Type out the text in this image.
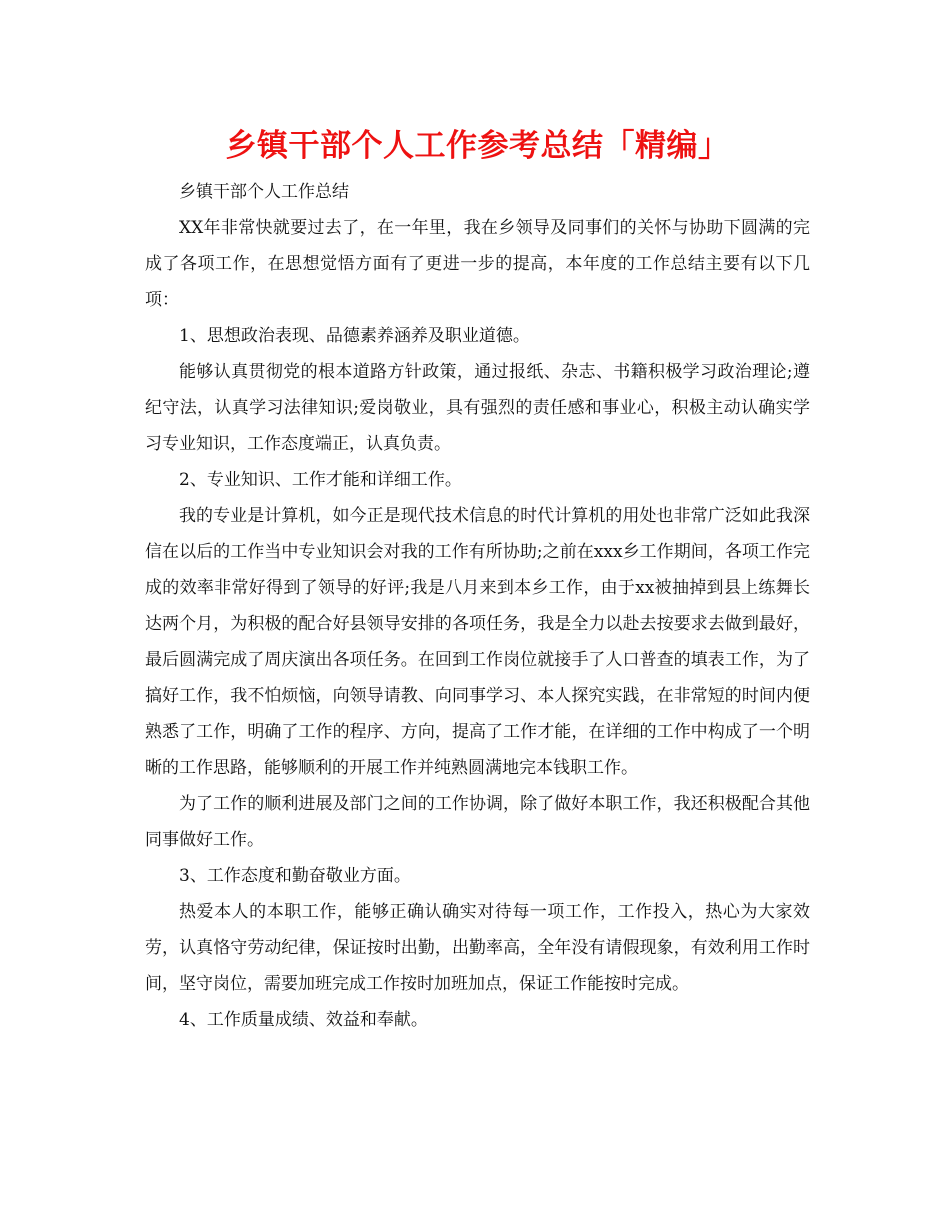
乡镇干部个人工作参考总结「精编」

乡镇干部个人工作总结

XX年非常快就要过去了，在一年里，我在乡领导及同事们的关怀与协助下圆满的完成了各项工作，在思想觉悟方面有了更进一步的提高，本年度的工作总结主要有以下几项：

1、思想政治表现、品德素养涵养及职业道德。

能够认真贯彻党的根本道路方针政策，通过报纸、杂志、书籍积极学习政治理论;遵纪守法，认真学习法律知识;爱岗敬业，具有强烈的责任感和事业心，积极主动认确实学习专业知识，工作态度端正，认真负责。

2、专业知识、工作才能和详细工作。

我的专业是计算机，如今正是现代技术信息的时代计算机的用处也非常广泛如此我深信在以后的工作当中专业知识会对我的工作有所协助;之前在xxx乡工作期间，各项工作完成的效率非常好得到了领导的好评;我是八月来到本乡工作，由于xx被抽掉到县上练舞长达两个月，为积极的配合好县领导安排的各项任务，我是全力以赴去按要求去做到最好，最后圆满完成了周庆演出各项任务。在回到工作岗位就接手了人口普查的填表工作，为了搞好工作，我不怕烦恼，向领导请教、向同事学习、本人探究实践，在非常短的时间内便熟悉了工作，明确了工作的程序、方向，提高了工作才能，在详细的工作中构成了一个明晰的工作思路，能够顺利的开展工作并纯熟圆满地完本钱职工作。

为了工作的顺利进展及部门之间的工作协调，除了做好本职工作，我还积极配合其他同事做好工作。

3、工作态度和勤奋敬业方面。

热爱本人的本职工作，能够正确认确实对待每一项工作，工作投入，热心为大家效劳，认真恪守劳动纪律，保证按时出勤，出勤率高，全年没有请假现象，有效利用工作时间，坚守岗位，需要加班完成工作按时加班加点，保证工作能按时完成。

4、工作质量成绩、效益和奉献。
